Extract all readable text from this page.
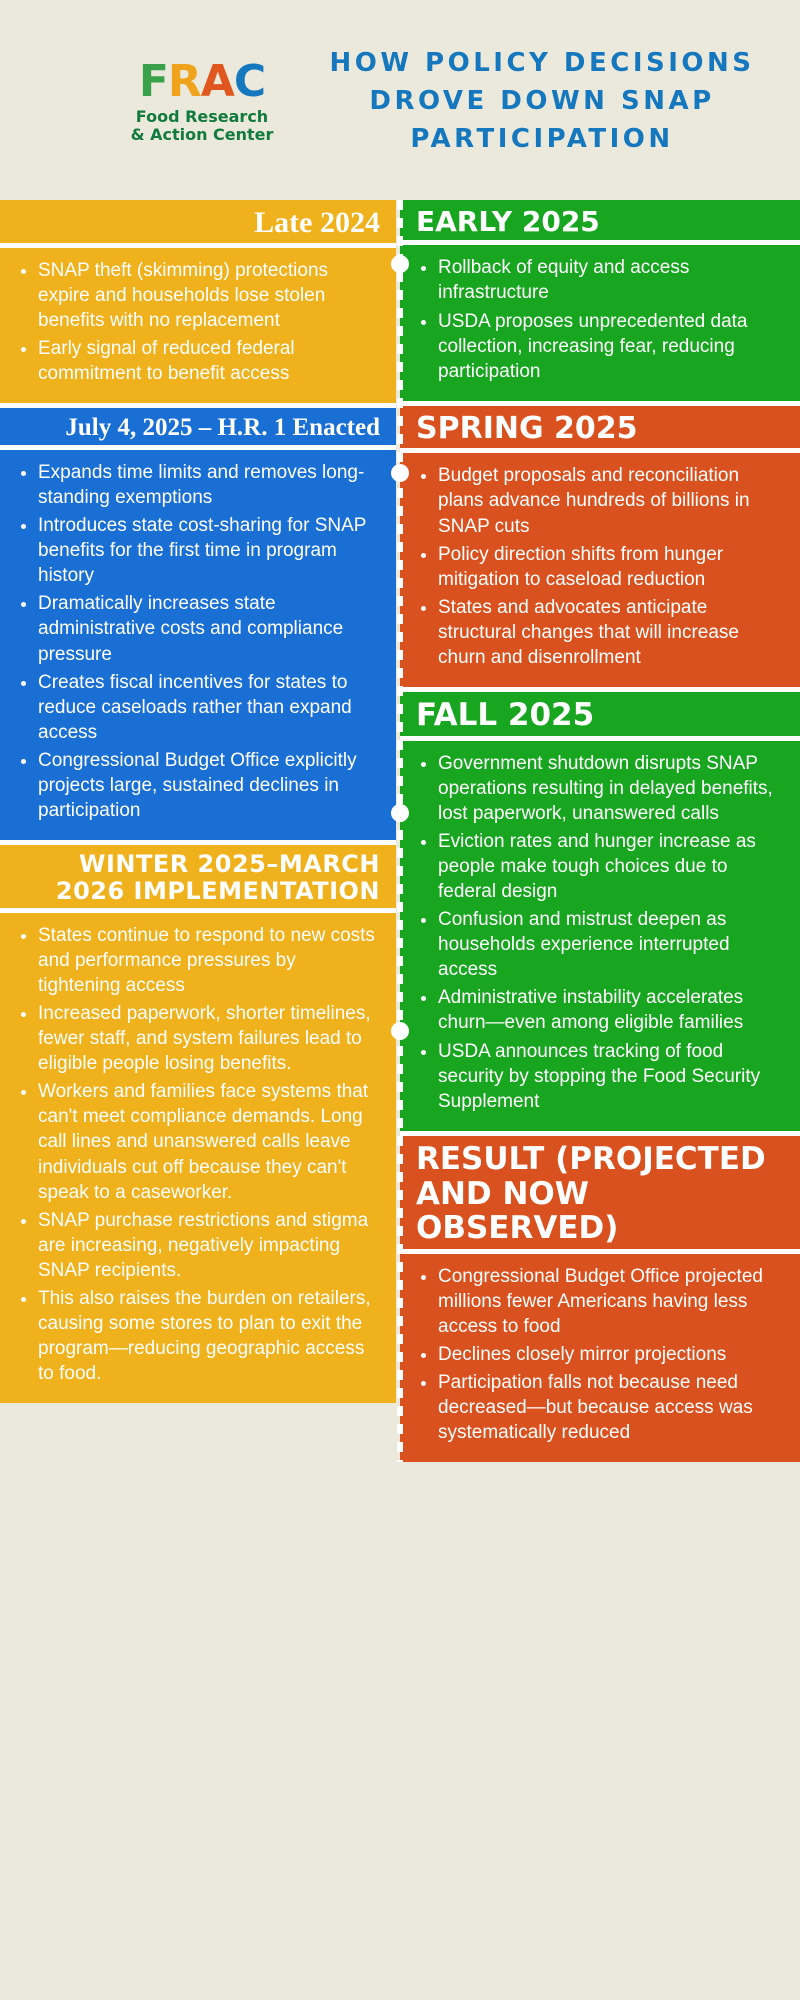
FRAC
Food Research
& Action Center
HOW POLICY DECISIONS DROVE DOWN SNAP PARTICIPATION
Late 2024
• SNAP theft (skimming) protections expire and households lose stolen benefits with no replacement
• Early signal of reduced federal commitment to benefit access
July 4, 2025 – H.R. 1 Enacted
• Expands time limits and removes long-standing exemptions
• Introduces state cost-sharing for SNAP benefits for the first time in program history
• Dramatically increases state administrative costs and compliance pressure
• Creates fiscal incentives for states to reduce caseloads rather than expand access
• Congressional Budget Office explicitly projects large, sustained declines in participation
WINTER 2025–MARCH 2026 IMPLEMENTATION
• States continue to respond to new costs and performance pressures by tightening access
• Increased paperwork, shorter timelines, fewer staff, and system failures lead to eligible people losing benefits.
• Workers and families face systems that can't meet compliance demands. Long call lines and unanswered calls leave individuals cut off because they can't speak to a caseworker.
• SNAP purchase restrictions and stigma are increasing, negatively impacting SNAP recipients.
• This also raises the burden on retailers, causing some stores to plan to exit the program—reducing geographic access to food.
EARLY 2025
• Rollback of equity and access infrastructure
• USDA proposes unprecedented data collection, increasing fear, reducing participation
SPRING 2025
• Budget proposals and reconciliation plans advance hundreds of billions in SNAP cuts
• Policy direction shifts from hunger mitigation to caseload reduction
• States and advocates anticipate structural changes that will increase churn and disenrollment
FALL 2025
• Government shutdown disrupts SNAP operations resulting in delayed benefits, lost paperwork, unanswered calls
• Eviction rates and hunger increase as people make tough choices due to federal design
• Confusion and mistrust deepen as households experience interrupted access
• Administrative instability accelerates churn—even among eligible families
• USDA announces tracking of food security by stopping the Food Security Supplement
RESULT (PROJECTED AND NOW OBSERVED)
• Congressional Budget Office projected millions fewer Americans having less access to food
• Declines closely mirror projections
• Participation falls not because need decreased—but because access was systematically reduced
